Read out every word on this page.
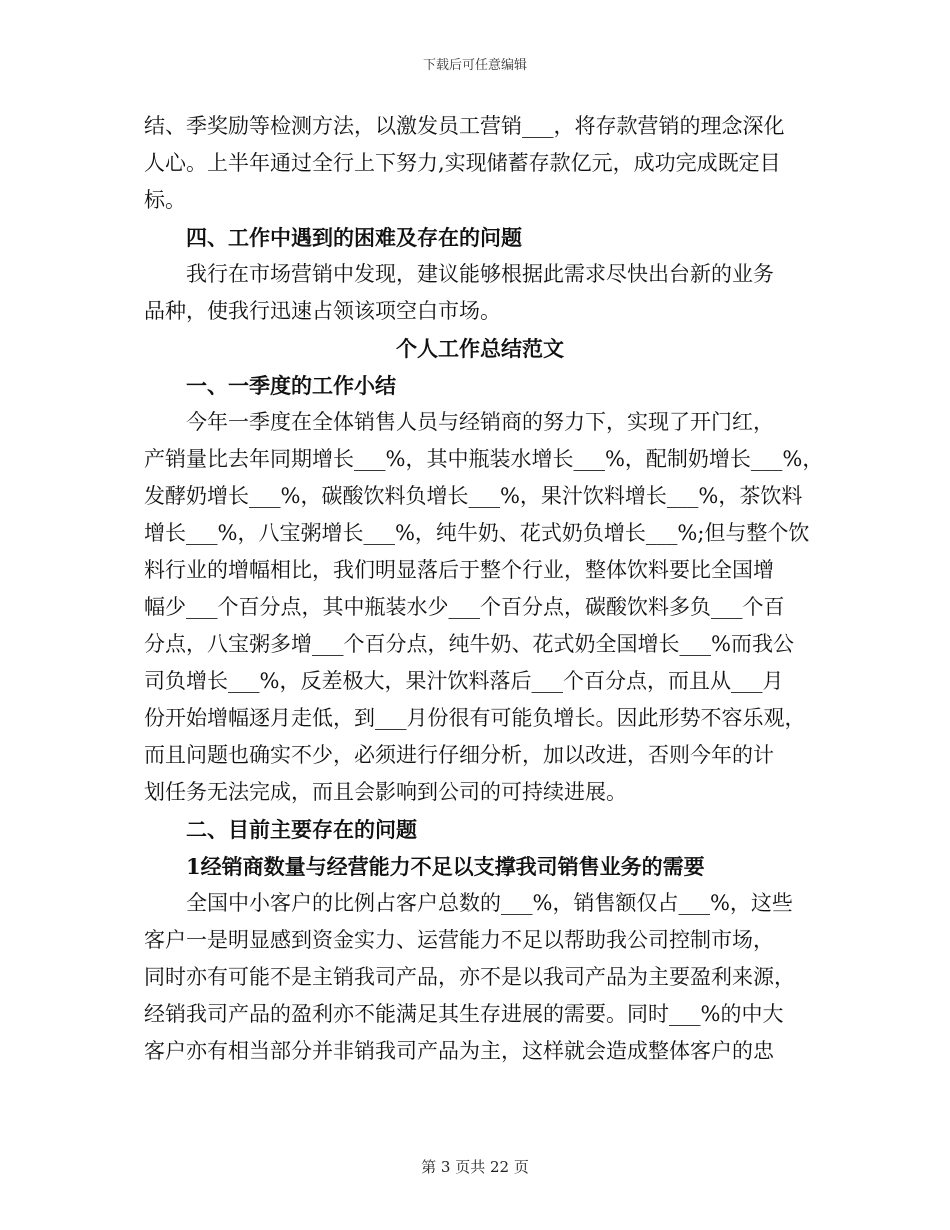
下载后可任意编辑
结、季奖励等检测方法，以激发员工营销___，将存款营销的理念深化
人心。上半年通过全行上下努力,实现储蓄存款亿元，成功完成既定目
标。
四、工作中遇到的困难及存在的问题
我行在市场营销中发现，建议能够根据此需求尽快出台新的业务
品种，使我行迅速占领该项空白市场。
个人工作总结范文
一、一季度的工作小结
今年一季度在全体销售人员与经销商的努力下，实现了开门红，
产销量比去年同期增长___%，其中瓶装水增长___%，配制奶增长___%，
发酵奶增长___%，碳酸饮料负增长___%，果汁饮料增长___%，茶饮料
增长___%，八宝粥增长___%，纯牛奶、花式奶负增长___%;但与整个饮
料行业的增幅相比，我们明显落后于整个行业，整体饮料要比全国增
幅少___个百分点，其中瓶装水少___个百分点，碳酸饮料多负___个百
分点，八宝粥多增___个百分点，纯牛奶、花式奶全国增长___%而我公
司负增长___%，反差极大，果汁饮料落后___个百分点，而且从___月
份开始增幅逐月走低，到___月份很有可能负增长。因此形势不容乐观，
而且问题也确实不少，必须进行仔细分析，加以改进，否则今年的计
划任务无法完成，而且会影响到公司的可持续进展。
二、目前主要存在的问题
1经销商数量与经营能力不足以支撑我司销售业务的需要
全国中小客户的比例占客户总数的___%，销售额仅占___%，这些
客户一是明显感到资金实力、运营能力不足以帮助我公司控制市场，
同时亦有可能不是主销我司产品，亦不是以我司产品为主要盈利来源，
经销我司产品的盈利亦不能满足其生存进展的需要。同时___%的中大
客户亦有相当部分并非销我司产品为主，这样就会造成整体客户的忠
第 3 页共 22 页
